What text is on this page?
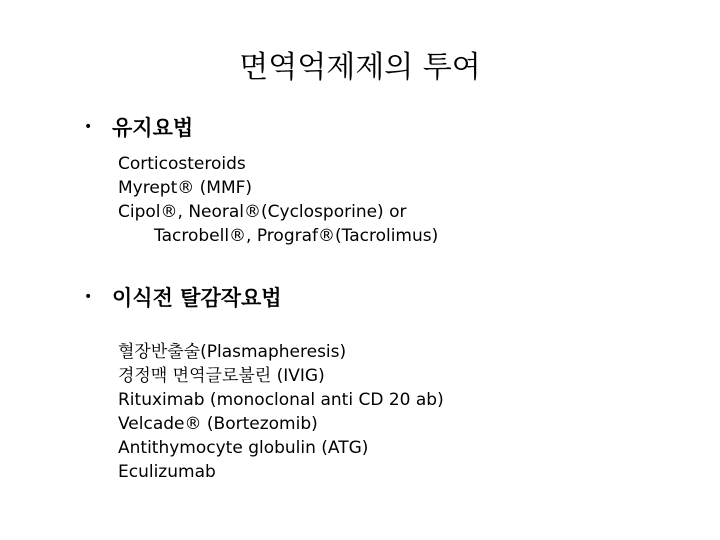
면역억제제의 투여
• 유지요법
Corticosteroids
Myrept® (MMF)
Cipol®, Neoral®(Cyclosporine) or
Tacrobell®, Prograf®(Tacrolimus)
• 이식전 탈감작요법
혈장반출술(Plasmapheresis)
경정맥 면역글로불린 (IVIG)
Rituximab (monoclonal anti CD 20 ab)
Velcade® (Bortezomib)
Antithymocyte globulin (ATG)
Eculizumab
